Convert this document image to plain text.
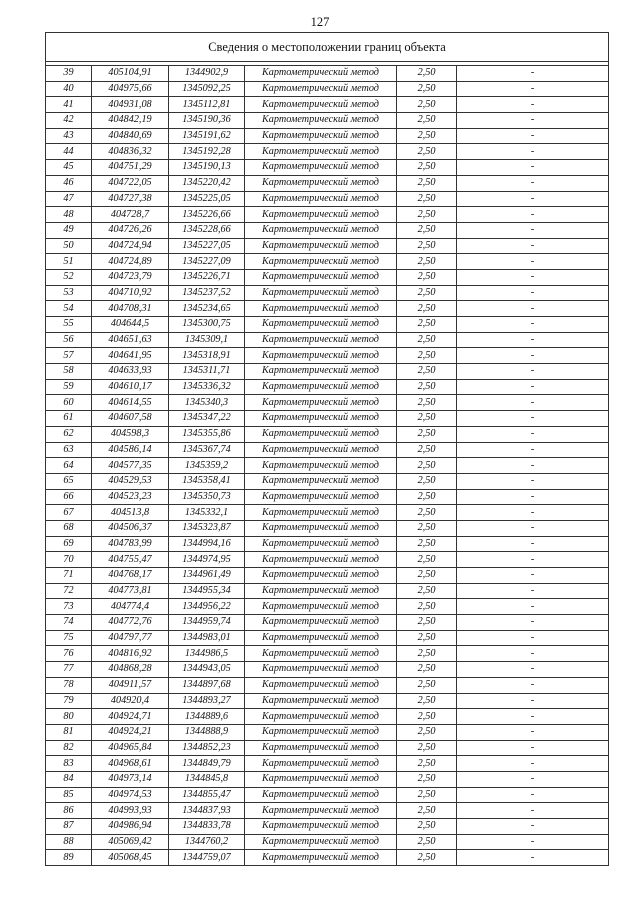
127
Сведения о местоположении границ объекта					

39	405104,91	1344902,9	Картометрический метод	2,50	-
40	404975,66	1345092,25	Картометрический метод	2,50	-
41	404931,08	1345112,81	Картометрический метод	2,50	-
42	404842,19	1345190,36	Картометрический метод	2,50	-
43	404840,69	1345191,62	Картометрический метод	2,50	-
44	404836,32	1345192,28	Картометрический метод	2,50	-
45	404751,29	1345190,13	Картометрический метод	2,50	-
46	404722,05	1345220,42	Картометрический метод	2,50	-
47	404727,38	1345225,05	Картометрический метод	2,50	-
48	404728,7	1345226,66	Картометрический метод	2,50	-
49	404726,26	1345228,66	Картометрический метод	2,50	-
50	404724,94	1345227,05	Картометрический метод	2,50	-
51	404724,89	1345227,09	Картометрический метод	2,50	-
52	404723,79	1345226,71	Картометрический метод	2,50	-
53	404710,92	1345237,52	Картометрический метод	2,50	-
54	404708,31	1345234,65	Картометрический метод	2,50	-
55	404644,5	1345300,75	Картометрический метод	2,50	-
56	404651,63	1345309,1	Картометрический метод	2,50	-
57	404641,95	1345318,91	Картометрический метод	2,50	-
58	404633,93	1345311,71	Картометрический метод	2,50	-
59	404610,17	1345336,32	Картометрический метод	2,50	-
60	404614,55	1345340,3	Картометрический метод	2,50	-
61	404607,58	1345347,22	Картометрический метод	2,50	-
62	404598,3	1345355,86	Картометрический метод	2,50	-
63	404586,14	1345367,74	Картометрический метод	2,50	-
64	404577,35	1345359,2	Картометрический метод	2,50	-
65	404529,53	1345358,41	Картометрический метод	2,50	-
66	404523,23	1345350,73	Картометрический метод	2,50	-
67	404513,8	1345332,1	Картометрический метод	2,50	-
68	404506,37	1345323,87	Картометрический метод	2,50	-
69	404783,99	1344994,16	Картометрический метод	2,50	-
70	404755,47	1344974,95	Картометрический метод	2,50	-
71	404768,17	1344961,49	Картометрический метод	2,50	-
72	404773,81	1344955,34	Картометрический метод	2,50	-
73	404774,4	1344956,22	Картометрический метод	2,50	-
74	404772,76	1344959,74	Картометрический метод	2,50	-
75	404797,77	1344983,01	Картометрический метод	2,50	-
76	404816,92	1344986,5	Картометрический метод	2,50	-
77	404868,28	1344943,05	Картометрический метод	2,50	-
78	404911,57	1344897,68	Картометрический метод	2,50	-
79	404920,4	1344893,27	Картометрический метод	2,50	-
80	404924,71	1344889,6	Картометрический метод	2,50	-
81	404924,21	1344888,9	Картометрический метод	2,50	-
82	404965,84	1344852,23	Картометрический метод	2,50	-
83	404968,61	1344849,79	Картометрический метод	2,50	-
84	404973,14	1344845,8	Картометрический метод	2,50	-
85	404974,53	1344855,47	Картометрический метод	2,50	-
86	404993,93	1344837,93	Картометрический метод	2,50	-
87	404986,94	1344833,78	Картометрический метод	2,50	-
88	405069,42	1344760,2	Картометрический метод	2,50	-
89	405068,45	1344759,07	Картометрический метод	2,50	-
